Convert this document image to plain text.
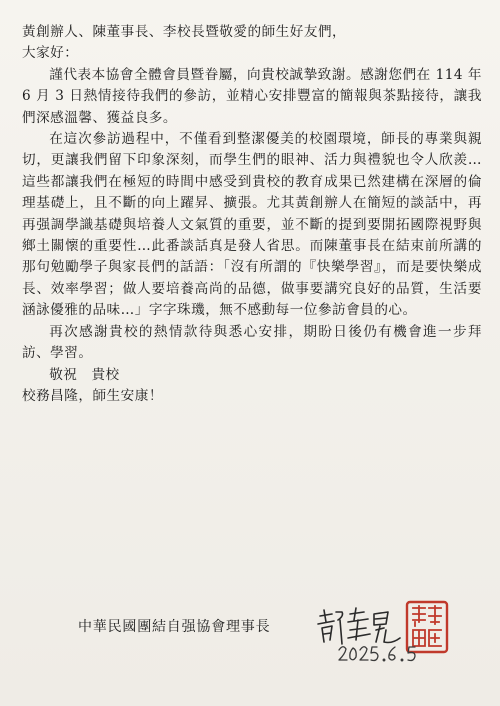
黃創辦人、陳董事長、李校長暨敬愛的師生好友們，

大家好：

謹代表本協會全體會員暨眷屬，向貴校誠摯致謝。感謝您們在 114 年 6 月 3 日熱情接待我們的參訪，並精心安排豐富的簡報與茶點接待，讓我們深感溫馨、獲益良多。

在這次參訪過程中，不僅看到整潔優美的校園環境，師長的專業與親切，更讓我們留下印象深刻，而學生們的眼神、活力與禮貌也令人欣羨…這些都讓我們在極短的時間中感受到貴校的教育成果已然建構在深層的倫理基礎上，且不斷的向上躍昇、擴張。尤其黃創辦人在簡短的談話中，再再强調學識基礎與培養人文氣質的重要，並不斷的提到要開拓國際視野與鄉土關懷的重要性…此番談話真是發人省思。而陳董事長在結束前所講的那句勉勵學子與家長們的話語：「沒有所謂的『快樂學習』，而是要快樂成長、效率學習；做人要培養高尚的品德，做事要講究良好的品質，生活要涵詠優雅的品味…」字字珠璣，無不感動每一位參訪會員的心。

再次感謝貴校的熱情款待與悉心安排，期盼日後仍有機會進一步拜訪、學習。

敬祝　貴校

校務昌隆，師生安康！

中華民國團結自强協會理事長
